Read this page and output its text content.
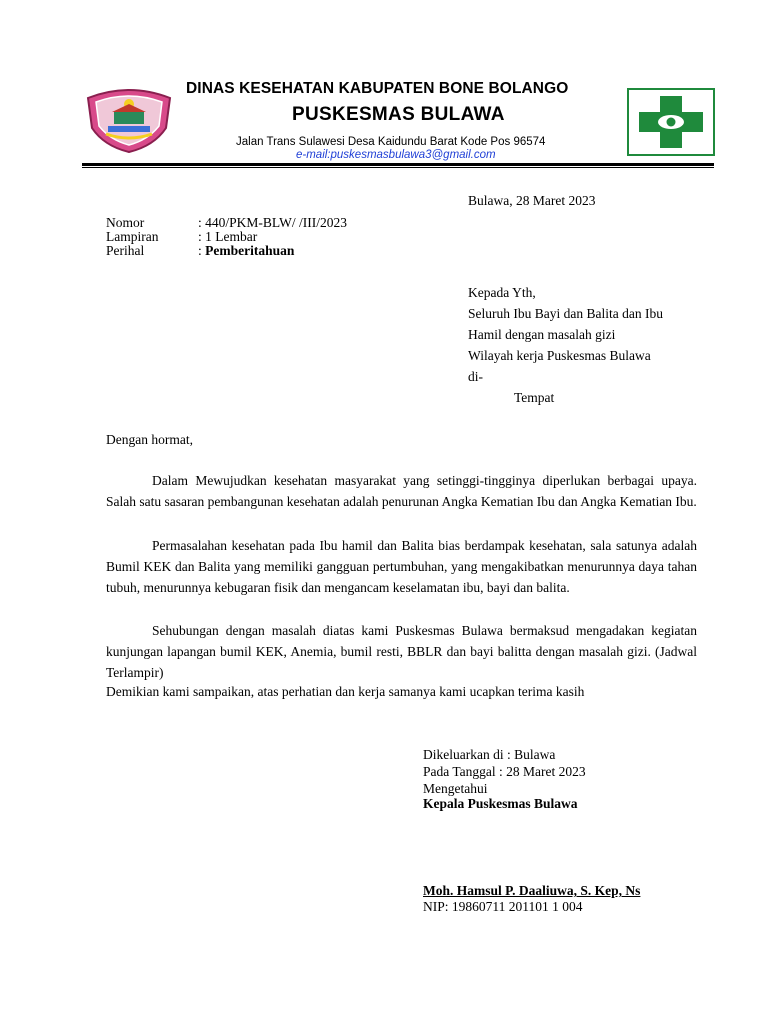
DINAS KESEHATAN KABUPATEN BONE BOLANGO
PUSKESMAS BULAWA
Jalan Trans Sulawesi Desa Kaidundu Barat Kode Pos 96574
e-mail:puskesmasbulawa3@gmail.com
Bulawa, 28 Maret 2023
Nomor	: 440/PKM-BLW/ /III/2023
Lampiran	: 1 Lembar
Perihal	: Pemberitahuan
Kepada Yth,
Seluruh Ibu Bayi dan Balita dan Ibu
Hamil dengan masalah gizi
Wilayah kerja Puskesmas Bulawa
di-
Tempat
Dengan hormat,
Dalam Mewujudkan kesehatan masyarakat yang setinggi-tingginya diperlukan berbagai upaya. Salah satu sasaran pembangunan kesehatan adalah penurunan Angka Kematian Ibu dan Angka Kematian Ibu.
Permasalahan kesehatan pada Ibu hamil dan Balita bias berdampak kesehatan, sala satunya adalah Bumil KEK dan Balita yang memiliki gangguan pertumbuhan, yang mengakibatkan menurunnya daya tahan tubuh, menurunnya kebugaran fisik dan mengancam keselamatan ibu, bayi dan balita.
Sehubungan dengan masalah diatas kami Puskesmas Bulawa bermaksud mengadakan kegiatan kunjungan lapangan bumil KEK, Anemia, bumil resti, BBLR dan bayi balitta dengan masalah gizi. (Jadwal Terlampir)
Demikian kami sampaikan, atas perhatian dan kerja samanya kami ucapkan terima kasih
Dikeluarkan di : Bulawa
Pada Tanggal : 28 Maret 2023
Mengetahui
Kepala Puskesmas Bulawa
Moh. Hamsul P. Daaliuwa, S. Kep, Ns
NIP: 19860711 201101 1 004
